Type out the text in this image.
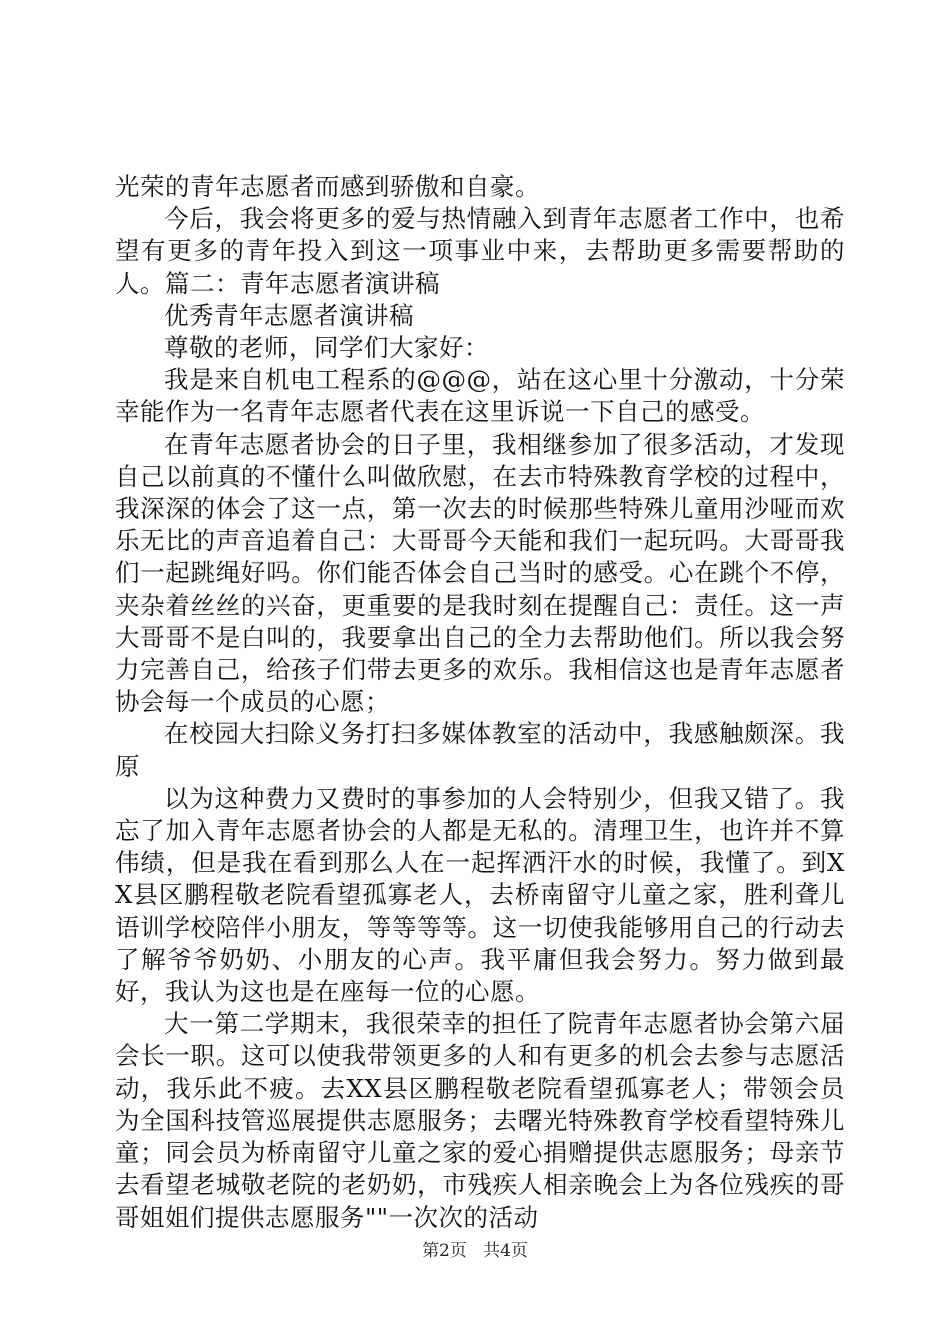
光荣的青年志愿者而感到骄傲和自豪。

今后，我会将更多的爱与热情融入到青年志愿者工作中，也希望有更多的青年投入到这一项事业中来，去帮助更多需要帮助的人。篇二：青年志愿者演讲稿

优秀青年志愿者演讲稿

尊敬的老师，同学们大家好：

我是来自机电工程系的@@@，站在这心里十分激动，十分荣幸能作为一名青年志愿者代表在这里诉说一下自己的感受。

在青年志愿者协会的日子里，我相继参加了很多活动，才发现自己以前真的不懂什么叫做欣慰，在去市特殊教育学校的过程中，我深深的体会了这一点，第一次去的时候那些特殊儿童用沙哑而欢乐无比的声音追着自己：大哥哥今天能和我们一起玩吗。大哥哥我们一起跳绳好吗。你们能否体会自己当时的感受。心在跳个不停，夹杂着丝丝的兴奋，更重要的是我时刻在提醒自己：责任。这一声大哥哥不是白叫的，我要拿出自己的全力去帮助他们。所以我会努力完善自己，给孩子们带去更多的欢乐。我相信这也是青年志愿者协会每一个成员的心愿；

在校园大扫除义务打扫多媒体教室的活动中，我感触颇深。我原

以为这种费力又费时的事参加的人会特别少，但我又错了。我忘了加入青年志愿者协会的人都是无私的。清理卫生，也许并不算伟绩，但是我在看到那么人在一起挥洒汗水的时候，我懂了。到XX县区鹏程敬老院看望孤寡老人，去桥南留守儿童之家，胜利聋儿语训学校陪伴小朋友，等等等等。这一切使我能够用自己的行动去了解爷爷奶奶、小朋友的心声。我平庸但我会努力。努力做到最好，我认为这也是在座每一位的心愿。

大一第二学期末，我很荣幸的担任了院青年志愿者协会第六届会长一职。这可以使我带领更多的人和有更多的机会去参与志愿活动，我乐此不疲。去XX县区鹏程敬老院看望孤寡老人；带领会员为全国科技管巡展提供志愿服务；去曙光特殊教育学校看望特殊儿童；同会员为桥南留守儿童之家的爱心捐赠提供志愿服务；母亲节去看望老城敬老院的老奶奶，市残疾人相亲晚会上为各位残疾的哥哥姐姐们提供志愿服务""一次次的活动

第2页 共4页
